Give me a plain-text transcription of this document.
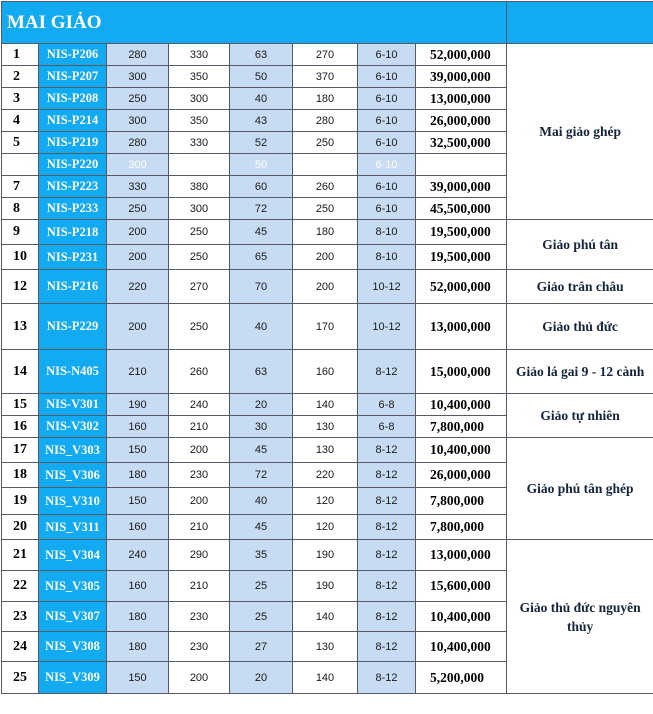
MAI GIẢO								
1	NIS-P206	280	330	63	270	6-10	52,000,000	Mai giảo ghép
2	NIS-P207	300	350	50	370	6-10	39,000,000	
3	NIS-P208	250	300	40	180	6-10	13,000,000	
4	NIS-P214	300	350	43	280	6-10	26,000,000	
5	NIS-P219	280	330	52	250	6-10	32,500,000	
	NIS-P220	300		50		6-10		
7	NIS-P223	330	380	60	260	6-10	39,000,000	
8	NIS-P233	250	300	72	250	6-10	45,500,000	
9	NIS-P218	200	250	45	180	8-10	19,500,000	Giảo phú tân
10	NIS-P231	200	250	65	200	8-10	19,500,000	
12	NIS-P216	220	270	70	200	10-12	52,000,000	Giảo trân châu
13	NIS-P229	200	250	40	170	10-12	13,000,000	Giảo thủ đức
14	NIS-N405	210	260	63	160	8-12	15,000,000	Giảo lá gai 9 - 12 cành
15	NIS-V301	190	240	20	140	6-8	10,400,000	Giảo tự nhiên
16	NIS-V302	160	210	30	130	6-8	7,800,000	
17	NIS_V303	150	200	45	130	8-12	10,400,000	Giảo phú tân ghép
18	NIS_V306	180	230	72	220	8-12	26,000,000	
19	NIS_V310	150	200	40	120	8-12	7,800,000	
20	NIS_V311	160	210	45	120	8-12	7,800,000	
21	NIS_V304	240	290	35	190	8-12	13,000,000	Giảo thủ đức nguyên thủy
22	NIS_V305	160	210	25	190	8-12	15,600,000	
23	NIS_V307	180	230	25	140	8-12	10,400,000	
24	NIS_V308	180	230	27	130	8-12	10,400,000	
25	NIS_V309	150	200	20	140	8-12	5,200,000	
